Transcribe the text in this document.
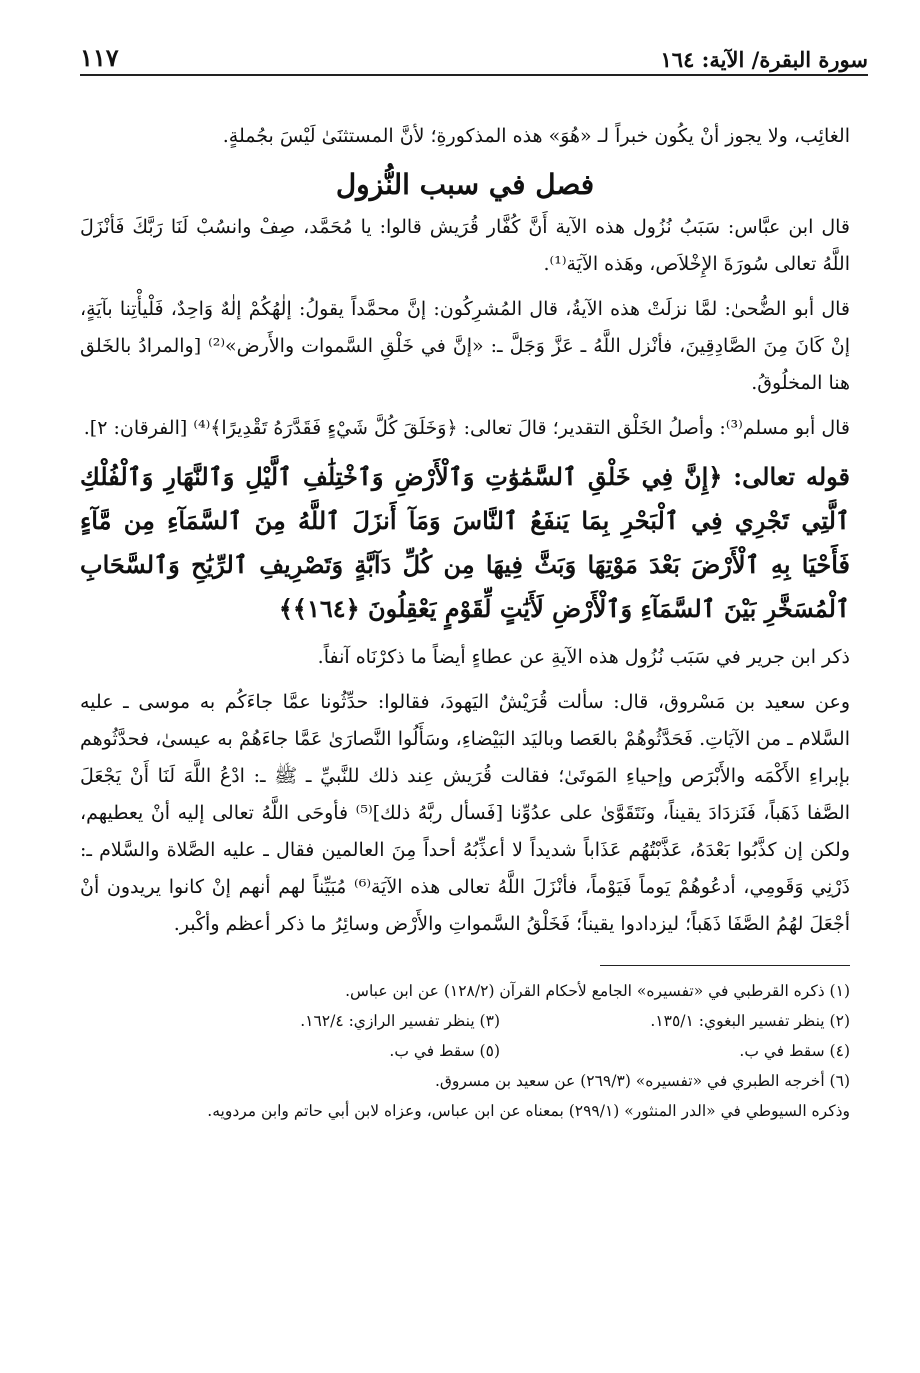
سورة البقرة/ الآية: ١٦٤
١١٧

الغائِب، ولا يجوز أنْ يكُون خبراً لـ «هُوَ» هذه المذكورةِ؛ لأنَّ المستثنَىٰ لَيْسَ بجُملةٍ.

فصل في سبب النُّزول

قال ابن عبَّاس: سَبَبُ نُزُول هذه الآية أَنَّ كُفَّار قُرَيش قالوا: يا مُحَمَّد، صِفْ وانسُبْ لَنَا رَبَّكَ فَأنْزَلَ اللَّهُ تعالى سُورَةَ الإِخْلاَص، وهَذه الآيَة⁽¹⁾.

قال أبو الضُّحىٰ: لمَّا نزلَتْ هذه الآيةُ، قال المُشرِكُون: إنَّ محمَّداً يقولُ: إلٰهُكُمْ إلٰهٌ وَاحِدٌ، فَلْيأْتِنا بآيَةٍ، إنْ كَانَ مِنَ الصَّادِقِينَ، فأنْزل اللَّهُ ـ عَزَّ وَجَلَّ ـ: «إنَّ في خَلْقِ السَّموات والأَرض»⁽²⁾ [والمرادُ بالخَلق هنا المخلُوقُ.

قال أبو مسلم⁽³⁾: وأصلُ الخَلْق التقدير؛ قالَ تعالى: ﴿وَخَلَقَ كُلَّ شَيْءٍ فَقَدَّرَهُ تَقْدِيرًا﴾⁽⁴⁾ [الفرقان: ٢].

قوله تعالى: ﴿إِنَّ فِي خَلْقِ ٱلسَّمَٰوَٰتِ وَٱلْأَرْضِ وَٱخْتِلَٰفِ ٱلَّيْلِ وَٱلنَّهَارِ وَٱلْفُلْكِ ٱلَّتِي تَجْرِي فِي ٱلْبَحْرِ بِمَا يَنفَعُ ٱلنَّاسَ وَمَآ أَنزَلَ ٱللَّهُ مِنَ ٱلسَّمَآءِ مِن مَّآءٍ فَأَحْيَا بِهِ ٱلْأَرْضَ بَعْدَ مَوْتِهَا وَبَثَّ فِيهَا مِن كُلِّ دَآبَّةٍ وَتَصْرِيفِ ٱلرِّيَٰحِ وَٱلسَّحَابِ ٱلْمُسَخَّرِ بَيْنَ ٱلسَّمَآءِ وَٱلْأَرْضِ لَأَيَٰتٍ لِّقَوْمٍ يَعْقِلُونَ ﴿١٦٤﴾﴾

ذكر ابن جرير في سَبَب نُزُول هذه الآيةِ عن عطاءٍ أيضاً ما ذكرْنَاه آنفاً.

وعن سعيد بن مَسْروق، قال: سألت قُرَيْشٌ اليَهودَ، فقالوا: حدِّثُونا عمَّا جاءَكُم به موسى ـ عليه السَّلام ـ من الآيَاتِ. فَحَدَّثُوهُمْ بالعَصا وباليَد البَيْضاءِ، وسَأَلُوا النَّصارَىٰ عَمَّا جاءَهُمْ به عيسىٰ، فحدَّثُوهم بإبراءِ الأَكْمَه والأَبْرَص وإحياءِ المَوتَىٰ؛ فقالت قُرَيش عِند ذلك للنَّبيِّ ـ ﷺ ـ: ادْعُ اللَّهَ لَنَا أَنْ يَجْعَلَ الصَّفا ذَهَباً، فَنَزدَادَ يقيناً، ونَتَقَوَّىٰ على عدُوِّنا [فَسأل ربَّهُ ذلك]⁽⁵⁾ فأوحَى اللَّهُ تعالى إليه أنْ يعطيهم، ولكن إن كذَّبُوا بَعْدَهُ، عَذَّبْتُهُم عَذَاباً شديداً لا أعذِّبُهُ أحداً مِنَ العالمين فقال ـ عليه الصَّلاة والسَّلام ـ: ذَرْنِي وَقَومِي، أدعُوهُمْ يَوماً فَيَوْماً، فأنْزَلَ اللَّهُ تعالى هذه الآيَة⁽⁶⁾ مُبَيِّناً لهم أنهم إنْ كانوا يريدون أنْ أجْعَلَ لهُمُ الصَّفَا ذَهَباً؛ ليزدادوا يقيناً؛ فَخَلْقُ السَّمواتِ والأَرْض وسائِرُ ما ذكر أعظم وأكْبر.

(١) ذكره القرطبي في «تفسيره» الجامع لأحكام القرآن (١٢٨/٢) عن ابن عباس.

(٢) ينظر تفسير البغوي: ١٣٥/١.

(٣) ينظر تفسير الرازي: ١٦٢/٤.

(٤) سقط في ب.

(٥) سقط في ب.

(٦) أخرجه الطبري في «تفسيره» (٢٦٩/٣) عن سعيد بن مسروق.

وذكره السيوطي في «الدر المنثور» (٢٩٩/١) بمعناه عن ابن عباس، وعزاه لابن أبي حاتم وابن مردويه.
